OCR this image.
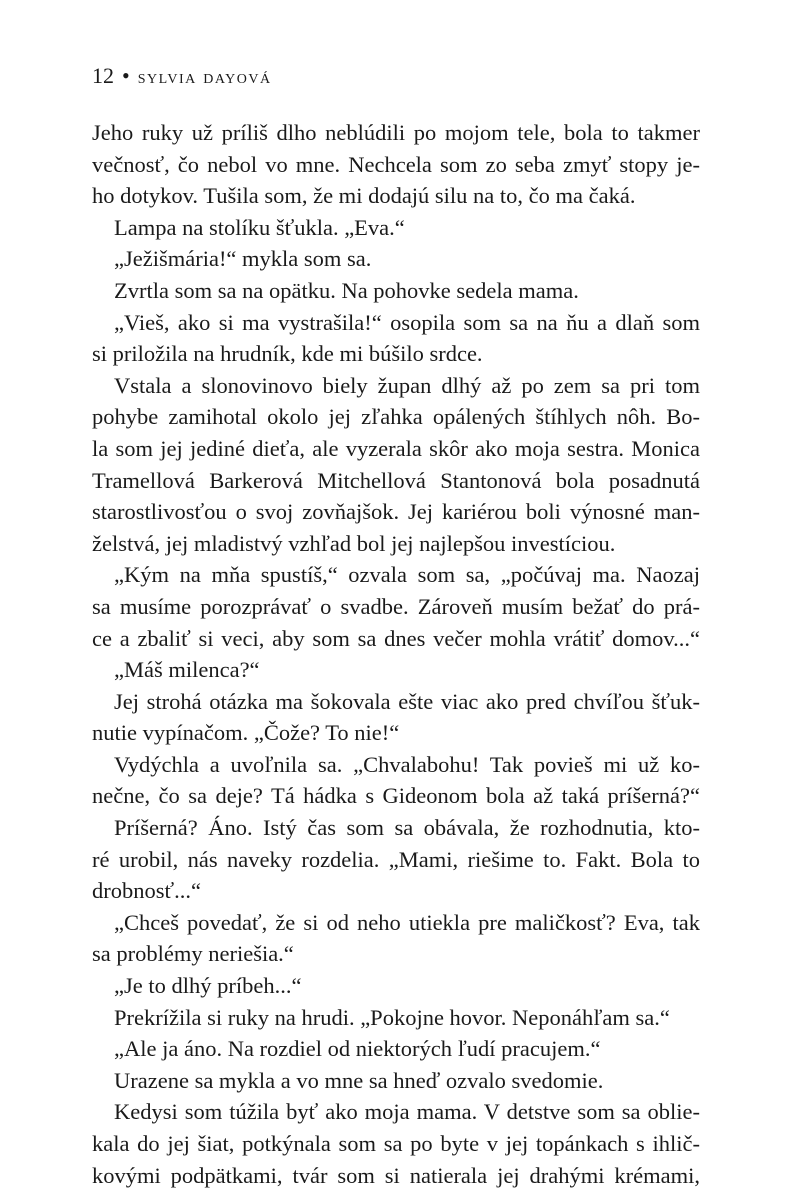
12 • sylvia dayová
Jeho ruky už príliš dlho neblúdili po mojom tele, bola to takmer
večnosť, čo nebol vo mne. Nechcela som zo seba zmyť stopy je-
ho dotykov. Tušila som, že mi dodajú silu na to, čo ma čaká.
Lampa na stolíku šťukla. „Eva.“
„Ježišmária!“ mykla som sa.
Zvrtla som sa na opätku. Na pohovke sedela mama.
„Vieš, ako si ma vystrašila!“ osopila som sa na ňu a dlaň som
si priložila na hrudník, kde mi búšilo srdce.
Vstala a slonovinovo biely župan dlhý až po zem sa pri tom
pohybe zamihotal okolo jej zľahka opálených štíhlych nôh. Bo-
la som jej jediné dieťa, ale vyzerala skôr ako moja sestra. Monica
Tramellová Barkerová Mitchellová Stantonová bola posadnutá
starostlivosťou o svoj zovňajšok. Jej kariérou boli výnosné man-
želstvá, jej mladistvý vzhľad bol jej najlepšou investíciou.
„Kým na mňa spustíš,“ ozvala som sa, „počúvaj ma. Naozaj
sa musíme porozprávať o svadbe. Zároveň musím bežať do prá-
ce a zbaliť si veci, aby som sa dnes večer mohla vrátiť domov...“
„Máš milenca?“
Jej strohá otázka ma šokovala ešte viac ako pred chvíľou šťuk-
nutie vypínačom. „Čože? To nie!“
Vydýchla a uvoľnila sa. „Chvalabohu! Tak povieš mi už ko-
nečne, čo sa deje? Tá hádka s Gideonom bola až taká príšerná?“
Príšerná? Áno. Istý čas som sa obávala, že rozhodnutia, kto-
ré urobil, nás naveky rozdelia. „Mami, riešime to. Fakt. Bola to
drobnosť...“
„Chceš povedať, že si od neho utiekla pre maličkosť? Eva, tak
sa problémy neriešia.“
„Je to dlhý príbeh...“
Prekrížila si ruky na hrudi. „Pokojne hovor. Neponáhľam sa.“
„Ale ja áno. Na rozdiel od niektorých ľudí pracujem.“
Urazene sa mykla a vo mne sa hneď ozvalo svedomie.
Kedysi som túžila byť ako moja mama. V detstve som sa oblie-
kala do jej šiat, potkýnala som sa po byte v jej topánkach s ihlič-
kovými podpätkami, tvár som si natierala jej drahými krémami,
